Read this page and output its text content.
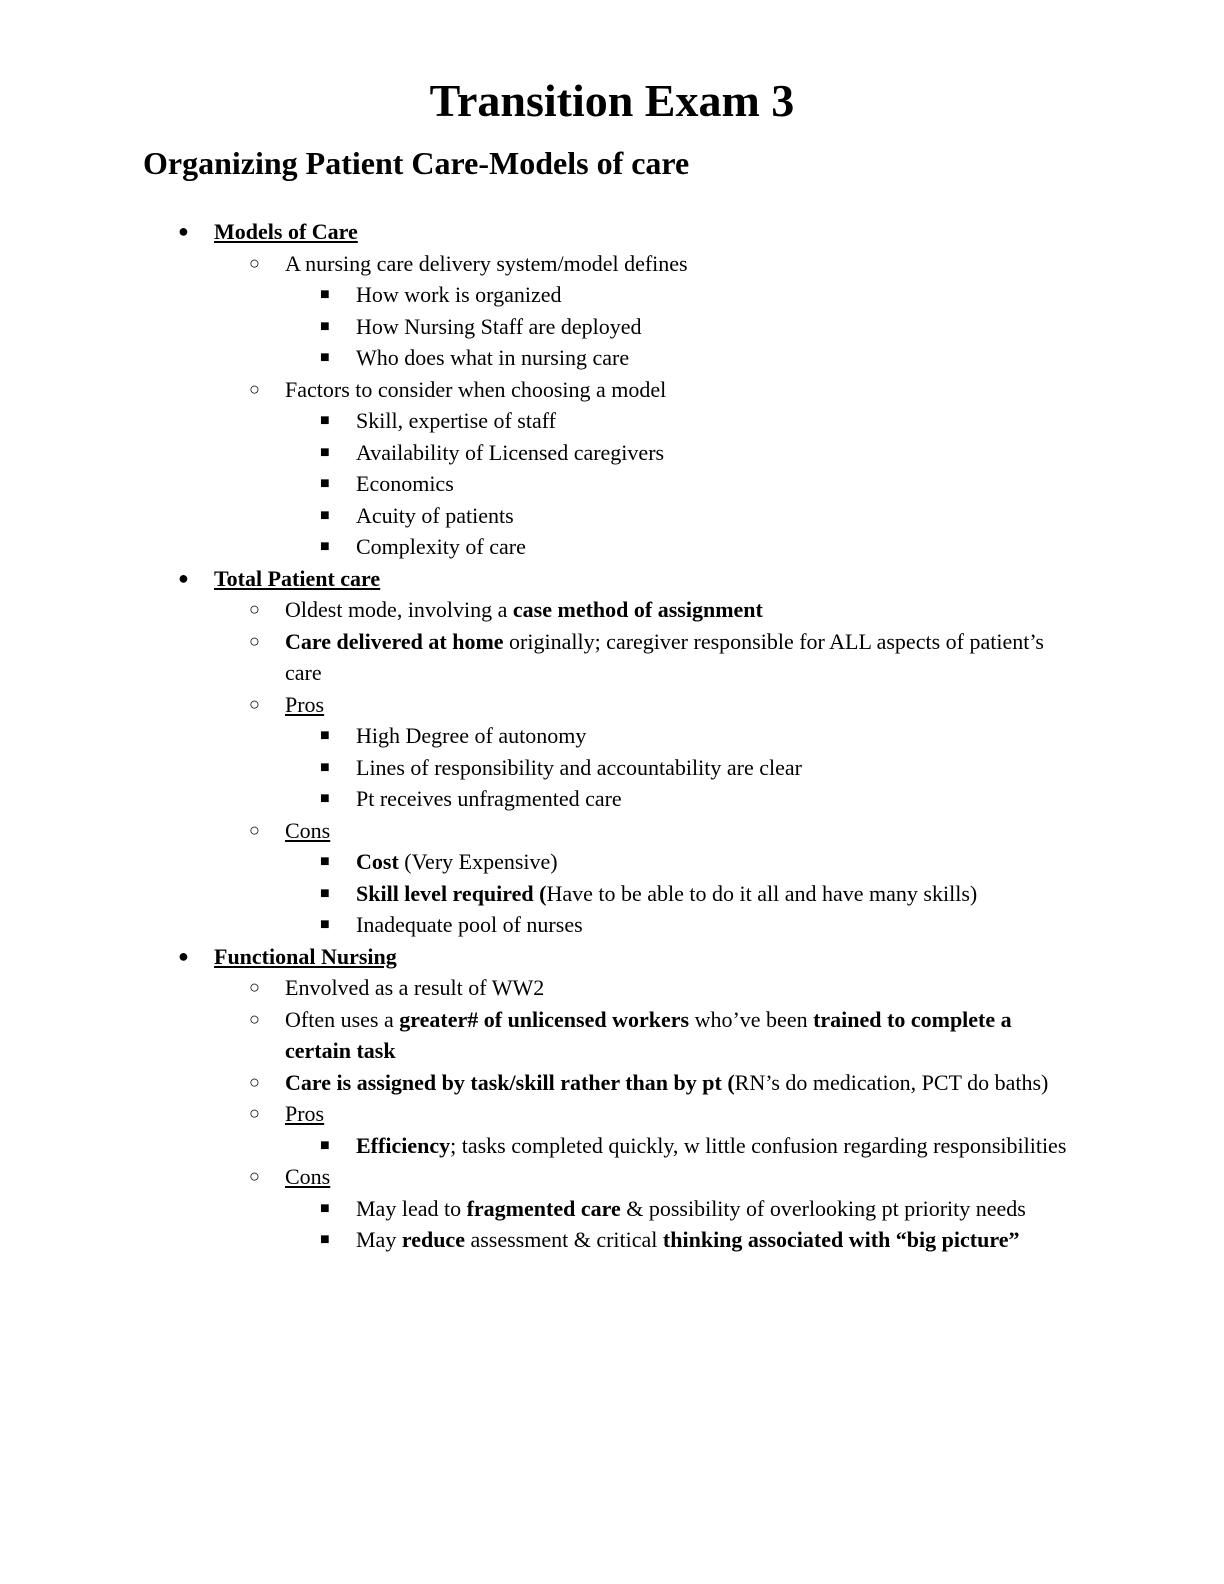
Transition Exam 3
Organizing Patient Care-Models of care
● Models of Care
○ A nursing care delivery system/model defines
■ How work is organized
■ How Nursing Staff are deployed
■ Who does what in nursing care
○ Factors to consider when choosing a model
■ Skill, expertise of staff
■ Availability of Licensed caregivers
■ Economics
■ Acuity of patients
■ Complexity of care
● Total Patient care
○ Oldest mode, involving a case method of assignment
○ Care delivered at home originally; caregiver responsible for ALL aspects of patient’s care
○ Pros
■ High Degree of autonomy
■ Lines of responsibility and accountability are clear
■ Pt receives unfragmented care
○ Cons
■ Cost (Very Expensive)
■ Skill level required (Have to be able to do it all and have many skills)
■ Inadequate pool of nurses
● Functional Nursing
○ Envolved as a result of WW2
○ Often uses a greater# of unlicensed workers who’ve been trained to complete a certain task
○ Care is assigned by task/skill rather than by pt (RN’s do medication, PCT do baths)
○ Pros
■ Efficiency; tasks completed quickly, w little confusion regarding responsibilities
○ Cons
■ May lead to fragmented care & possibility of overlooking pt priority needs
■ May reduce assessment & critical thinking associated with “big picture”
